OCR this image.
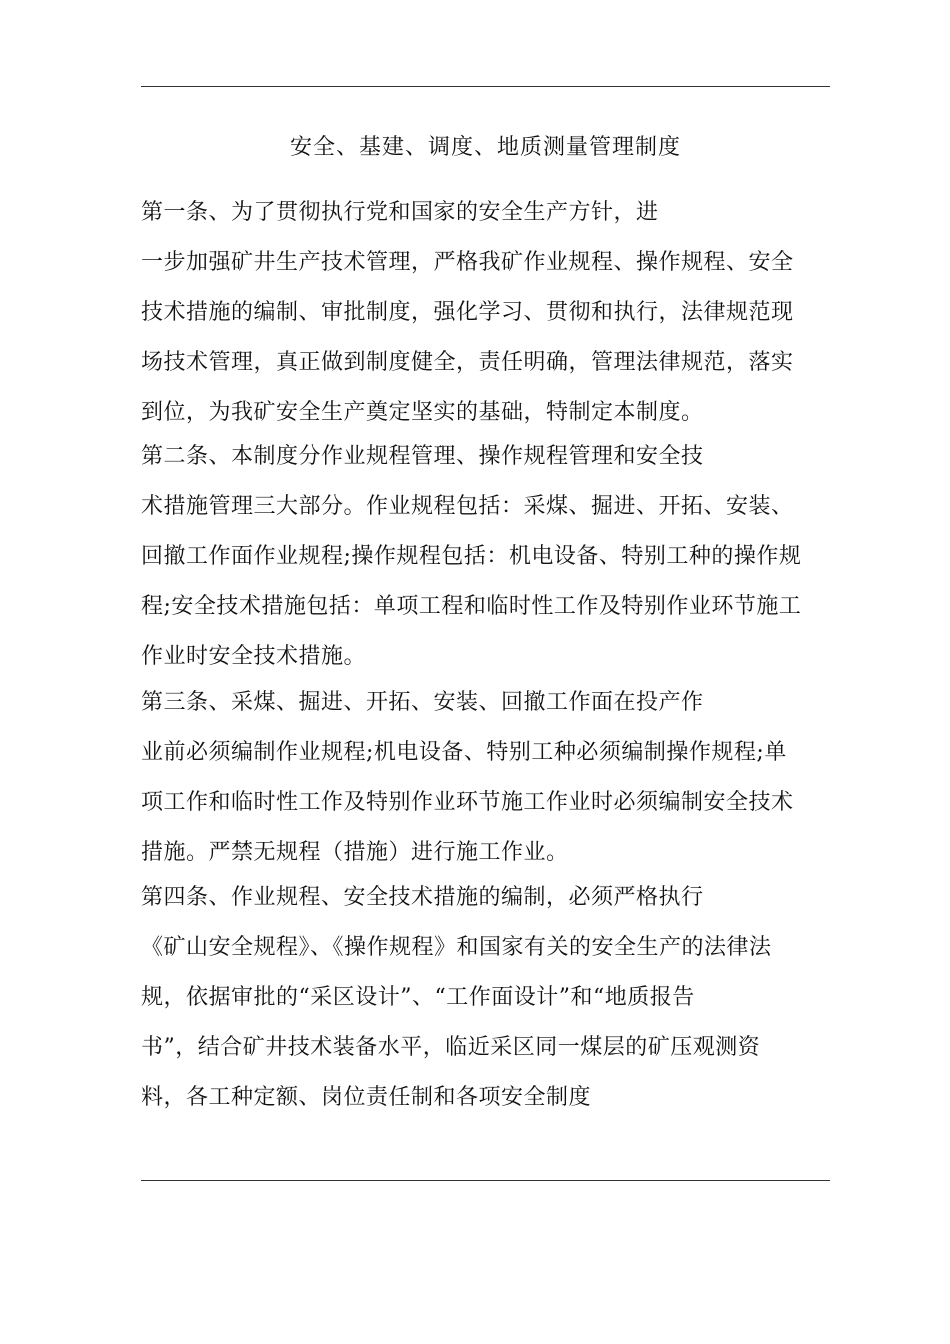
安全、基建、调度、地质测量管理制度

第一条、为了贯彻执行党和国家的安全生产方针，进
一步加强矿井生产技术管理，严格我矿作业规程、操作规程、安全
技术措施的编制、审批制度，强化学习、贯彻和执行，法律规范现
场技术管理，真正做到制度健全，责任明确，管理法律规范，落实
到位，为我矿安全生产奠定坚实的基础，特制定本制度。

第二条、本制度分作业规程管理、操作规程管理和安全技
术措施管理三大部分。作业规程包括：采煤、掘进、开拓、安装、
回撤工作面作业规程;操作规程包括：机电设备、特别工种的操作规
程;安全技术措施包括：单项工程和临时性工作及特别作业环节施工
作业时安全技术措施。

第三条、采煤、掘进、开拓、安装、回撤工作面在投产作
业前必须编制作业规程;机电设备、特别工种必须编制操作规程;单
项工作和临时性工作及特别作业环节施工作业时必须编制安全技术
措施。严禁无规程（措施）进行施工作业。

第四条、作业规程、安全技术措施的编制，必须严格执行
《矿山安全规程》、《操作规程》和国家有关的安全生产的法律法
规，依据审批的“采区设计”、“工作面设计”和“地质报告
书”，结合矿井技术装备水平，临近采区同一煤层的矿压观测资
料，各工种定额、岗位责任制和各项安全制度
